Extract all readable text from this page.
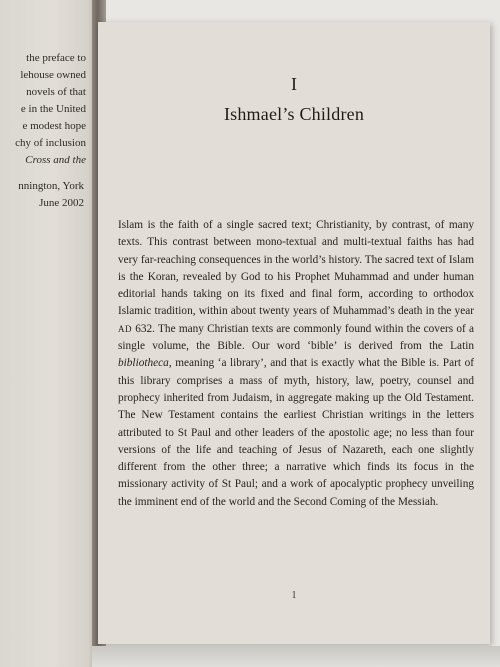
the preface to
lehouse owned
novels of that
e in the United
e modest hope
chy of inclusion
Cross and the
nnington, York
June 2002
I
Ishmael’s Children
Islam is the faith of a single sacred text; Christianity, by contrast, of many texts. This contrast between mono-textual and multi-textual faiths has had very far-reaching consequences in the world’s history. The sacred text of Islam is the Koran, revealed by God to his Prophet Muhammad and under human editorial hands taking on its fixed and final form, according to orthodox Islamic tradition, within about twenty years of Muhammad’s death in the year AD 632. The many Christian texts are commonly found within the covers of a single volume, the Bible. Our word ‘bible’ is derived from the Latin bibliotheca, meaning ‘a library’, and that is exactly what the Bible is. Part of this library comprises a mass of myth, history, law, poetry, counsel and prophecy inherited from Judaism, in aggregate making up the Old Testament. The New Testament contains the earliest Christian writings in the letters attributed to St Paul and other leaders of the apostolic age; no less than four versions of the life and teaching of Jesus of Nazareth, each one slightly different from the other three; a narrative which finds its focus in the missionary activity of St Paul; and a work of apocalyptic prophecy unveiling the imminent end of the world and the Second Coming of the Messiah.
1
